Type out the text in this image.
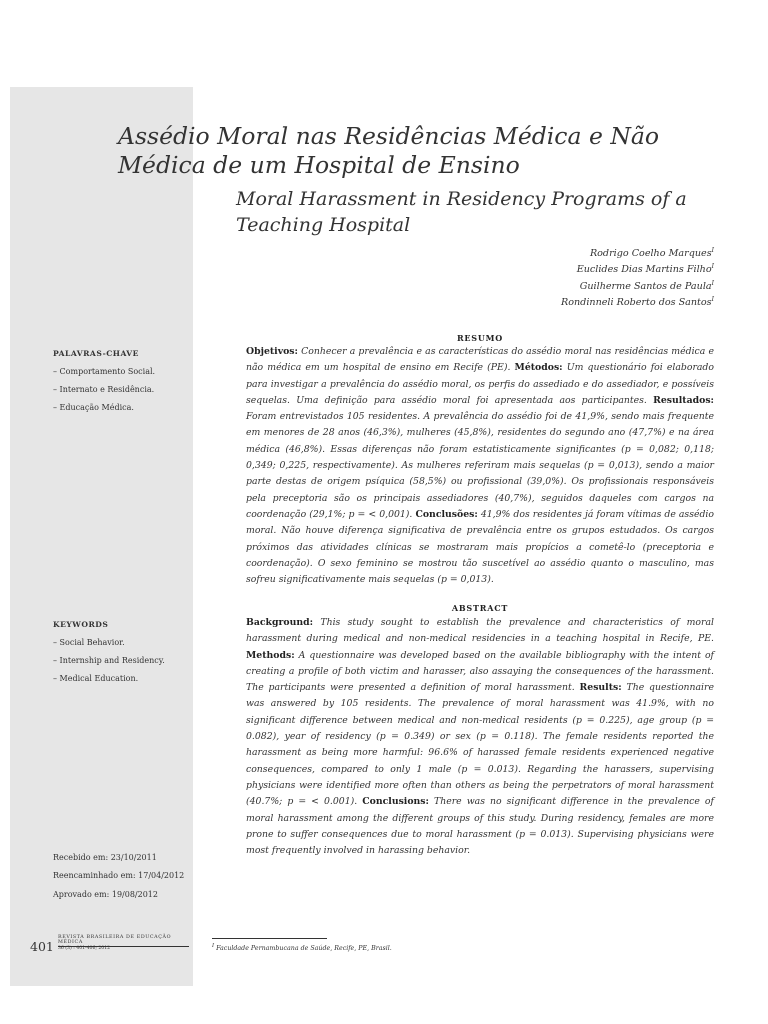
Assédio Moral nas Residências Médica e Não Médica de um Hospital de Ensino
Moral Harassment in Residency Programs of a Teaching Hospital
Rodrigo Coelho Marques$^I$
Euclides Dias Martins Filho$^I$
Guilherme Santos de Paula$^I$
Rondinneli Roberto dos Santos$^I$
PALAVRAS-CHAVE
– Comportamento Social.
– Internato e Residência.
– Educação Médica.
KEYWORDS
– Social Behavior.
– Internship and Residency.
– Medical Education.
RESUMO

Objetivos: Conhecer a prevalência e as características do assédio moral nas residências médica e não médica em um hospital de ensino em Recife (PE). Métodos: Um questionário foi elaborado para investigar a prevalência do assédio moral, os perfis do assediado e do assediador, e possíveis sequelas. Uma definição para assédio moral foi apresentada aos participantes. Resultados: Foram entrevistados 105 residentes. A prevalência do assédio foi de 41,9%, sendo mais frequente em menores de 28 anos (46,3%), mulheres (45,8%), residentes do segundo ano (47,7%) e na área médica (46,8%). Essas diferenças não foram estatisticamente significantes (p = 0,082; 0,118; 0,349; 0,225, respectivamente). As mulheres referiram mais sequelas (p = 0,013), sendo a maior parte destas de origem psíquica (58,5%) ou profissional (39,0%). Os profissionais responsáveis pela preceptoria são os principais assediadores (40,7%), seguidos daqueles com cargos na coordenação (29,1%; p = < 0,001). Conclusões: 41,9% dos residentes já foram vítimas de assédio moral. Não houve diferença significativa de prevalência entre os grupos estudados. Os cargos próximos das atividades clínicas se mostraram mais propícios a cometê-lo (preceptoria e coordenação). O sexo feminino se mostrou tão suscetível ao assédio quanto o masculino, mas sofreu significativamente mais sequelas (p = 0,013).

ABSTRACT

Background: This study sought to establish the prevalence and characteristics of moral harassment during medical and non-medical residencies in a teaching hospital in Recife, PE. Methods: A questionnaire was developed based on the available bibliography with the intent of creating a profile of both victim and harasser, also assaying the consequences of the harassment. The participants were presented a definition of moral harassment. Results: The questionnaire was answered by 105 residents. The prevalence of moral harassment was 41.9%, with no significant difference between medical and non-medical residents (p = 0.225), age group (p = 0.082), year of residency (p = 0.349) or sex (p = 0.118). The female residents reported the harassment as being more harmful: 96.6% of harassed female residents experienced negative consequences, compared to only 1 male (p = 0.013). Regarding the harassers, supervising physicians were identified more often than others as being the perpetrators of moral harassment (40.7%; p = < 0.001). Conclusions: There was no significant difference in the prevalence of moral harassment among the different groups of this study. During residency, females are more prone to suffer consequences due to moral harassment (p = 0.013). Supervising physicians were most frequently involved in harassing behavior.

Recebido em: 23/10/2011
Reencaminhado em: 17/04/2012
Aprovado em: 19/08/2012
401
REVISTA BRASILEIRA DE EDUCAÇÃO MÉDICA
36 (3) : 401-406; 2012	$^I$ Faculdade Pernambucana de Saúde, Recife, PE, Brasil.
